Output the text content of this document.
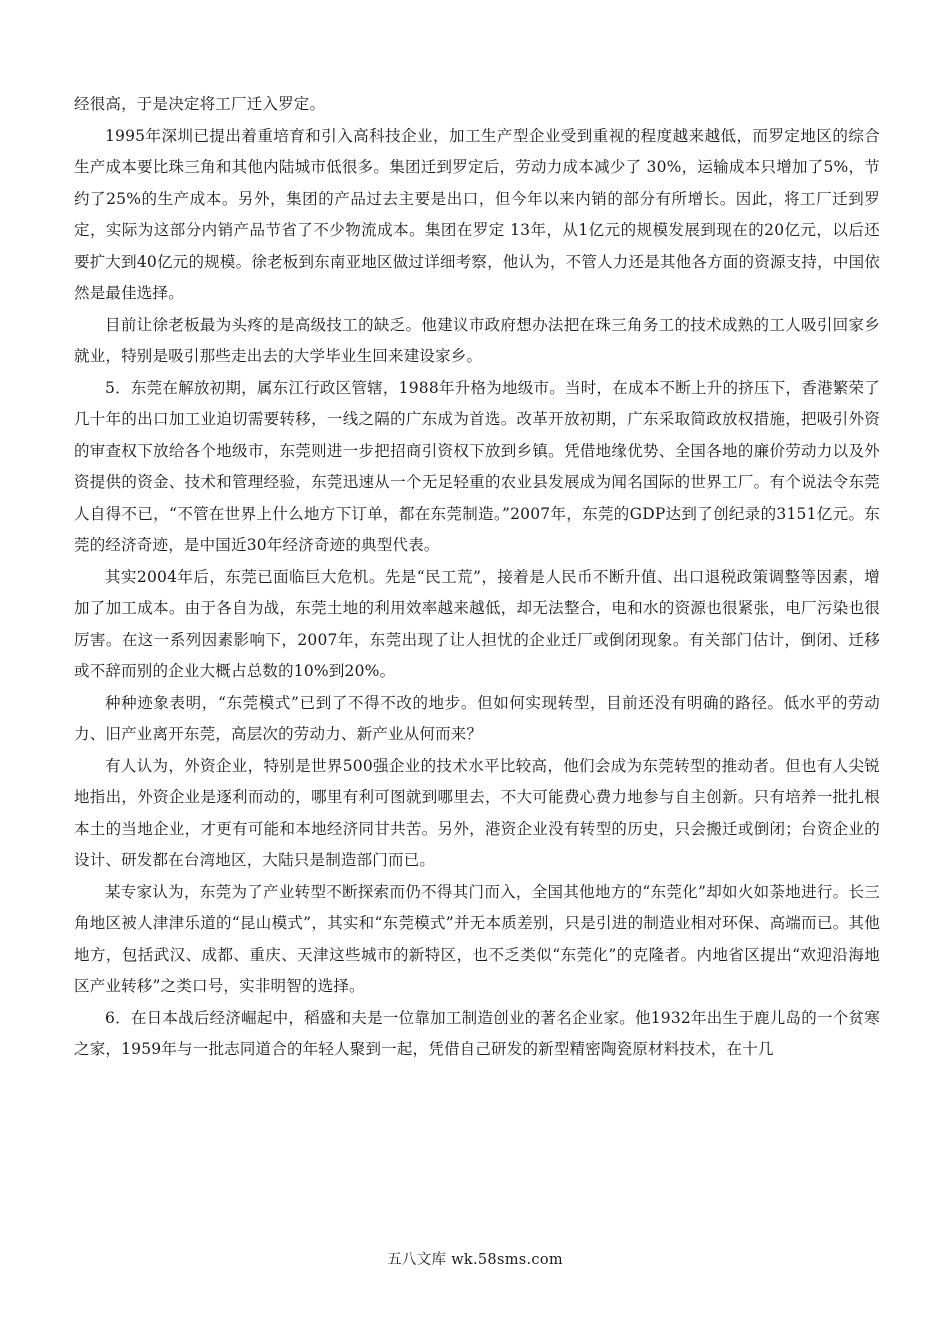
经很高，于是决定将工厂迁入罗定。

1995年深圳已提出着重培育和引入高科技企业，加工生产型企业受到重视的程度越来越低，而罗定地区的综合生产成本要比珠三角和其他内陆城市低很多。集团迁到罗定后，劳动力成本减少了 30%，运输成本只增加了5%，节约了25%的生产成本。另外，集团的产品过去主要是出口，但今年以来内销的部分有所增长。因此，将工厂迁到罗定，实际为这部分内销产品节省了不少物流成本。集团在罗定 13年，从1亿元的规模发展到现在的20亿元，以后还要扩大到40亿元的规模。徐老板到东南亚地区做过详细考察，他认为，不管人力还是其他各方面的资源支持，中国依然是最佳选择。

目前让徐老板最为头疼的是高级技工的缺乏。他建议市政府想办法把在珠三角务工的技术成熟的工人吸引回家乡就业，特别是吸引那些走出去的大学毕业生回来建设家乡。

5．东莞在解放初期，属东江行政区管辖，1988年升格为地级市。当时，在成本不断上升的挤压下，香港繁荣了几十年的出口加工业迫切需要转移，一线之隔的广东成为首选。改革开放初期，广东采取简政放权措施，把吸引外资的审查权下放给各个地级市，东莞则进一步把招商引资权下放到乡镇。凭借地缘优势、全国各地的廉价劳动力以及外资提供的资金、技术和管理经验，东莞迅速从一个无足轻重的农业县发展成为闻名国际的世界工厂。有个说法令东莞人自得不已，“不管在世界上什么地方下订单，都在东莞制造。”2007年，东莞的GDP达到了创纪录的3151亿元。东莞的经济奇迹，是中国近30年经济奇迹的典型代表。

其实2004年后，东莞已面临巨大危机。先是“民工荒”，接着是人民币不断升值、出口退税政策调整等因素，增加了加工成本。由于各自为战，东莞土地的利用效率越来越低，却无法整合，电和水的资源也很紧张，电厂污染也很厉害。在这一系列因素影响下，2007年，东莞出现了让人担忧的企业迁厂或倒闭现象。有关部门估计，倒闭、迁移或不辞而别的企业大概占总数的10%到20%。

种种迹象表明，“东莞模式”已到了不得不改的地步。但如何实现转型，目前还没有明确的路径。低水平的劳动力、旧产业离开东莞，高层次的劳动力、新产业从何而来？

有人认为，外资企业，特别是世界500强企业的技术水平比较高，他们会成为东莞转型的推动者。但也有人尖锐地指出，外资企业是逐利而动的，哪里有利可图就到哪里去，不大可能费心费力地参与自主创新。只有培养一批扎根本土的当地企业，才更有可能和本地经济同甘共苦。另外，港资企业没有转型的历史，只会搬迁或倒闭；台资企业的设计、研发都在台湾地区，大陆只是制造部门而已。

某专家认为，东莞为了产业转型不断探索而仍不得其门而入，全国其他地方的“东莞化”却如火如荼地进行。长三角地区被人津津乐道的“昆山模式”，其实和“东莞模式”并无本质差别，只是引进的制造业相对环保、高端而已。其他地方，包括武汉、成都、重庆、天津这些城市的新特区，也不乏类似“东莞化”的克隆者。内地省区提出“欢迎沿海地区产业转移”之类口号，实非明智的选择。

6．在日本战后经济崛起中，稻盛和夫是一位靠加工制造创业的著名企业家。他1932年出生于鹿儿岛的一个贫寒之家，1959年与一批志同道合的年轻人聚到一起，凭借自己研发的新型精密陶瓷原材料技术，在十几

五八文库 wk.58sms.com
